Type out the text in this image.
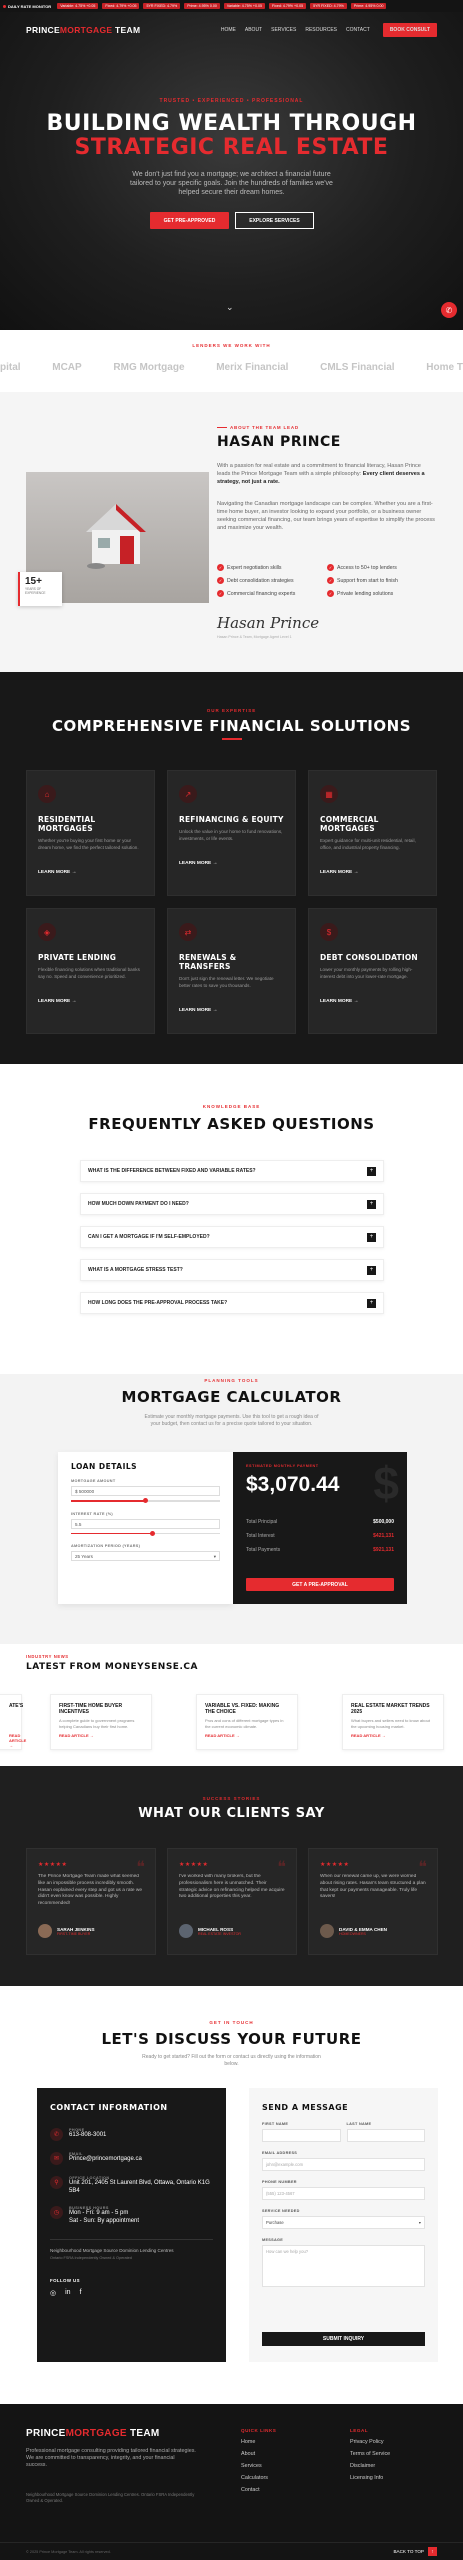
DAILY RATE MONITOR	Variable: 4.75% +0.05	Fixed: 4.79% +0.05	5YR FIXED: 4.79%	Prime: 4.95% 0.00	Variable: 4.75% +0.05	Fixed: 4.79% +0.05	5YR FIXED: 4.79%	Prime: 4.95% 0.00
PRINCEMORTGAGE TEAM	HOME ABOUT SERVICES RESOURCES CONTACT	BOOK CONSULT
TRUSTED • EXPERIENCED • PROFESSIONAL
BUILDING WEALTH THROUGH
STRATEGIC REAL ESTATE
We don't just find you a mortgage; we architect a financial future tailored to your specific goals. Join the hundreds of families we've helped secure their dream homes.
GET PRE-APPROVED	EXPLORE SERVICES
⌄	✆
LENDERS WE WORK WITH
pital	MCAP	RMG Mortgage	Merix Financial	CMLS Financial	Home T
15+
YEARS OF EXPERIENCE
ABOUT THE TEAM LEAD
HASAN PRINCE

With a passion for real estate and a commitment to financial literacy, Hasan Prince leads the Prince Mortgage Team with a simple philosophy: Every client deserves a strategy, not just a rate.

Navigating the Canadian mortgage landscape can be complex. Whether you are a first-time home buyer, an investor looking to expand your portfolio, or a business owner seeking commercial financing, our team brings years of expertise to simplify the process and maximize your wealth.

✓ Expert negotiation skills	✓ Access to 50+ top lenders
✓ Debt consolidation strategies	✓ Support from start to finish
✓ Commercial financing experts	✓ Private lending solutions
Hasan Prince
Hasan Prince & Team, Mortgage Agent Level 1
OUR EXPERTISE
COMPREHENSIVE FINANCIAL SOLUTIONS
⌂
RESIDENTIAL MORTGAGES

Whether you're buying your first home or your dream home, we find the perfect tailored solution.

LEARN MORE →
↗
REFINANCING & EQUITY

Unlock the value in your home to fund renovations, investments, or life events.

LEARN MORE →
▦
COMMERCIAL MORTGAGES

Expert guidance for multi-unit residential, retail, office, and industrial property financing.

LEARN MORE →
◈
PRIVATE LENDING

Flexible financing solutions when traditional banks say no. Speed and convenience prioritized.

LEARN MORE →
⇄
RENEWALS & TRANSFERS

Don't just sign the renewal letter. We negotiate better rates to save you thousands.

LEARN MORE →
$
DEBT CONSOLIDATION

Lower your monthly payments by rolling high-interest debt into your lower-rate mortgage.

LEARN MORE →
KNOWLEDGE BASE
FREQUENTLY ASKED QUESTIONS
WHAT IS THE DIFFERENCE BETWEEN FIXED AND VARIABLE RATES?	+
HOW MUCH DOWN PAYMENT DO I NEED?	+
CAN I GET A MORTGAGE IF I'M SELF-EMPLOYED?	+
WHAT IS A MORTGAGE STRESS TEST?	+
HOW LONG DOES THE PRE-APPROVAL PROCESS TAKE?	+
PLANNING TOOLS
MORTGAGE CALCULATOR
Estimate your monthly mortgage payments. Use this tool to get a rough idea of your budget, then contact us for a precise quote tailored to your situation.
LOAN DETAILS
MORTGAGE AMOUNT
$ 500000
INTEREST RATE (%)
5.5
AMORTIZATION PERIOD (YEARS)
25 Years	▾
$
ESTIMATED MONTHLY PAYMENT
$3,070.44
Total Principal	$500,000
Total Interest	$421,131
Total Payments	$921,131
GET A PRE-APPROVAL
INDUSTRY NEWS
LATEST FROM MONEYSENSE.CA
ATE'S
READ ARTICLE →
FIRST-TIME HOME BUYER INCENTIVES

A complete guide to government programs helping Canadians buy their first home.

READ ARTICLE →
VARIABLE VS. FIXED: MAKING THE CHOICE

Pros and cons of different mortgage types in the current economic climate.

READ ARTICLE →
REAL ESTATE MARKET TRENDS 2025

What buyers and sellers need to know about the upcoming housing market.

READ ARTICLE →
SUCCESS STORIES
WHAT OUR CLIENTS SAY
❝
★★★★★

The Prince Mortgage Team made what seemed like an impossible process incredibly smooth. Hasan explained every step and got us a rate we didn't even know was possible. Highly recommended!

SARAH JENKINS
FIRST-TIME BUYER
❝
★★★★★

I've worked with many brokers, but the professionalism here is unmatched. Their strategic advice on refinancing helped me acquire two additional properties this year.

MICHAEL ROSS
REAL ESTATE INVESTOR
❝
★★★★★

When our renewal came up, we were worried about rising rates. Hasan's team structured a plan that kept our payments manageable. Truly life savers!

DAVID & EMMA CHEN
HOMEOWNERS
GET IN TOUCH
LET'S DISCUSS YOUR FUTURE
Ready to get started? Fill out the form or contact us directly using the information below.
CONTACT INFORMATION
✆
PHONE
613-808-3001
✉
EMAIL
Prince@princemortgage.ca
⚲
OFFICE LOCATION
Unit 201, 2405 St Laurent Blvd, Ottawa, Ontario K1G 5B4
◷
BUSINESS HOURS
Mon - Fri: 9 am - 5 pm
Sat - Sun: By appointment
Neighbourhood Mortgage Source Dominion Lending Centres
Ontario FSRA Independently Owned & Operated
FOLLOW US
◎ in f
SEND A MESSAGE
FIRST NAME	LAST NAME
EMAIL ADDRESS
john@example.com
PHONE NUMBER
(555) 123-4567
SERVICE NEEDED
Purchase	▾
MESSAGE
How can we help you?
SUBMIT INQUIRY
PRINCEMORTGAGE TEAM
Professional mortgage consulting providing tailored financial strategies. We are committed to transparency, integrity, and your financial success.
Neighbourhood Mortgage Source Dominion Lending Centres. Ontario FSRA Independently Owned & Operated.
QUICK LINKS
Home
About
Services
Calculators
Contact
LEGAL
Privacy Policy
Terms of Service
Disclaimer
Licensing Info
© 2025 Prince Mortgage Team. All rights reserved.	BACK TO TOP	↑
